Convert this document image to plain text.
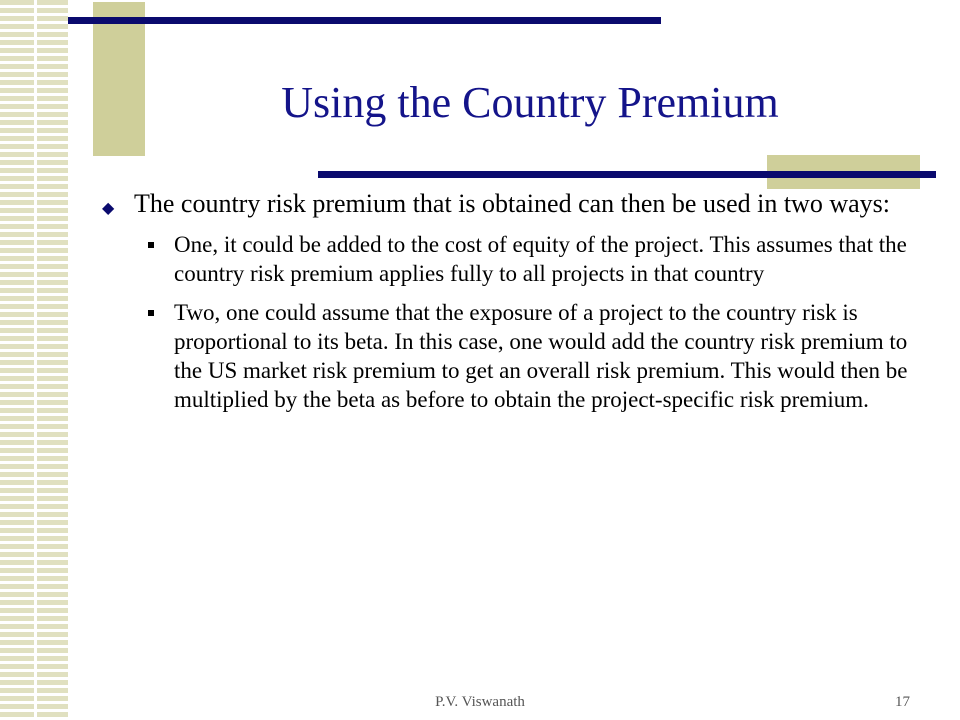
Using the Country Premium
◆ The country risk premium that is obtained can then be used in two ways:
One, it could be added to the cost of equity of the project. This assumes that the country risk premium applies fully to all projects in that country
Two, one could assume that the exposure of a project to the country risk is proportional to its beta. In this case, one would add the country risk premium to the US market risk premium to get an overall risk premium. This would then be multiplied by the beta as before to obtain the project-specific risk premium.
P.V. Viswanath	17
